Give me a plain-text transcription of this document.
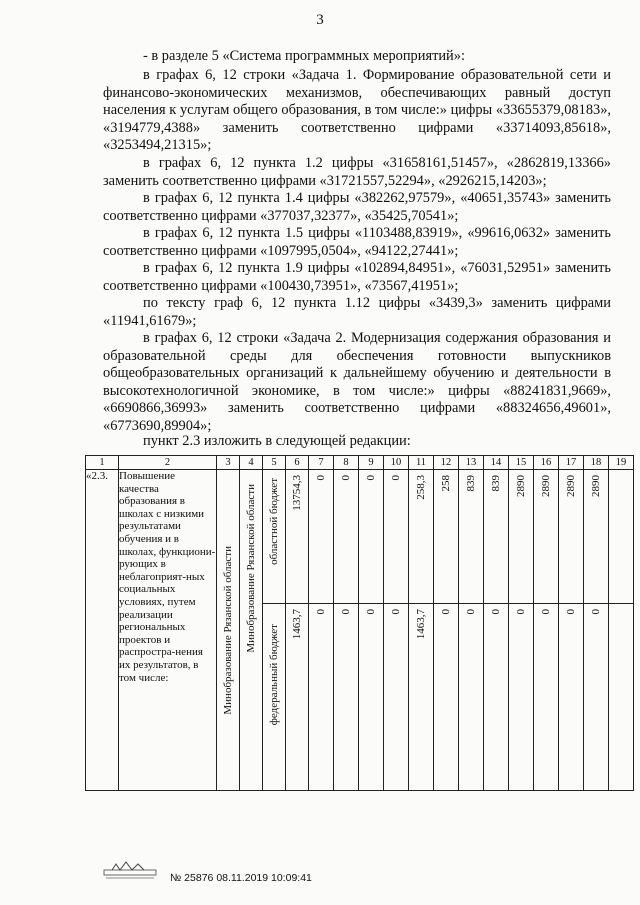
3

- в разделе 5 «Система программных мероприятий»:

в графах 6, 12 строки «Задача 1. Формирование образовательной сети и финансово-экономических механизмов, обеспечивающих равный доступ населения к услугам общего образования, в том числе:» цифры «33655379,08183», «3194779,4388» заменить соответственно цифрами «33714093,85618», «3253494,21315»;

в графах 6, 12 пункта 1.2 цифры «31658161,51457», «2862819,13366» заменить соответственно цифрами «31721557,52294», «2926215,14203»;

в графах 6, 12 пункта 1.4 цифры «382262,97579», «40651,35743» заменить соответственно цифрами «377037,32377», «35425,70541»;

в графах 6, 12 пункта 1.5 цифры «1103488,83919», «99616,0632» заменить соответственно цифрами «1097995,0504», «94122,27441»;

в графах 6, 12 пункта 1.9 цифры «102894,84951», «76031,52951» заменить соответственно цифрами «100430,73951», «73567,41951»;

по тексту граф 6, 12 пункта 1.12 цифры «3439,3» заменить цифрами «11941,61679»;

в графах 6, 12 строки «Задача 2. Модернизация содержания образования и образовательной среды для обеспечения готовности выпускников общеобразовательных организаций к дальнейшему обучению и деятельности в высокотехнологичной экономике, в том числе:» цифры «88241831,9669», «6690866,36993» заменить соответственно цифрами «88324656,49601», «6773690,89904»;

пункт 2.3 изложить в следующей редакции:

1	2	3	4	5	6	7	8	9	10	11	12	13	14	15	16	17	18	19
«2.3.	Повышение качества образования в школах с низкими результатами обучения и в школах, функциони-рующих в неблагоприят-ных социальных условиях, путем реализации региональных проектов и распростра-нения их результатов, в том числе:	Минобразование Рязанской области	Минобразование Рязанской области	областной бюджет	13754,3	0	0	0	0	258,3	258	839	839	2890	2890	2890	2890	

				федеральный бюджет	1463,7	0	0	0	0	1463,7	0	0	0	0	0	0	0	

№ 25876 08.11.2019 10:09:41
